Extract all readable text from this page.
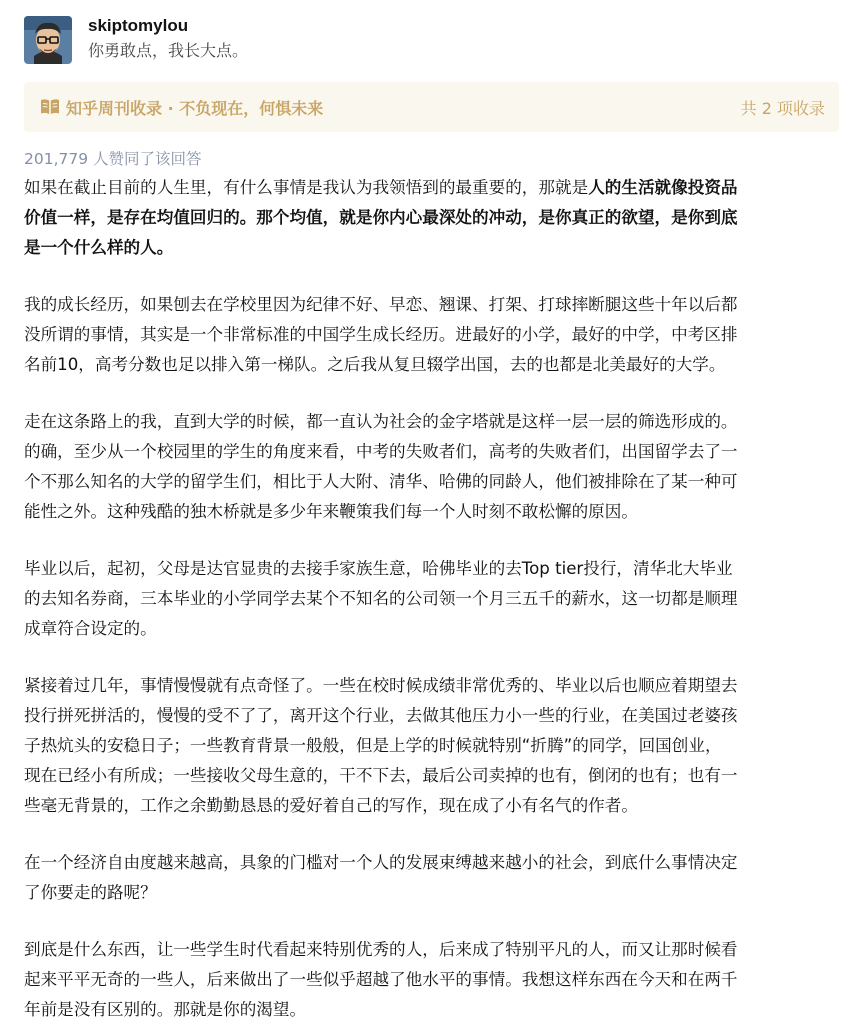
skiptomylou
你勇敢点，我长大点。
知乎周刊收录 · 不负现在，何惧未来	共 2 项收录
201,779 人赞同了该回答

如果在截止目前的人生里，有什么事情是我认为我领悟到的最重要的，那就是人的生活就像投资品
价值一样，是存在均值回归的。那个均值，就是你内心最深处的冲动，是你真正的欲望，是你到底
是一个什么样的人。

我的成长经历，如果刨去在学校里因为纪律不好、早恋、翘课、打架、打球摔断腿这些十年以后都
没所谓的事情，其实是一个非常标准的中国学生成长经历。进最好的小学，最好的中学，中考区排
名前10，高考分数也足以排入第一梯队。之后我从复旦辍学出国，去的也都是北美最好的大学。

走在这条路上的我，直到大学的时候，都一直认为社会的金字塔就是这样一层一层的筛选形成的。
的确，至少从一个校园里的学生的角度来看，中考的失败者们，高考的失败者们，出国留学去了一
个不那么知名的大学的留学生们，相比于人大附、清华、哈佛的同龄人，他们被排除在了某一种可
能性之外。这种残酷的独木桥就是多少年来鞭策我们每一个人时刻不敢松懈的原因。

毕业以后，起初，父母是达官显贵的去接手家族生意，哈佛毕业的去Top tier投行，清华北大毕业
的去知名券商，三本毕业的小学同学去某个不知名的公司领一个月三五千的薪水，这一切都是顺理
成章符合设定的。

紧接着过几年，事情慢慢就有点奇怪了。一些在校时候成绩非常优秀的、毕业以后也顺应着期望去
投行拼死拼活的，慢慢的受不了了，离开这个行业，去做其他压力小一些的行业，在美国过老婆孩
子热炕头的安稳日子；一些教育背景一般般，但是上学的时候就特别“折腾”的同学，回国创业，
现在已经小有所成；一些接收父母生意的，干不下去，最后公司卖掉的也有，倒闭的也有；也有一
些毫无背景的，工作之余勤勤恳恳的爱好着自己的写作，现在成了小有名气的作者。

在一个经济自由度越来越高，具象的门槛对一个人的发展束缚越来越小的社会，到底什么事情决定
了你要走的路呢？

到底是什么东西，让一些学生时代看起来特别优秀的人，后来成了特别平凡的人，而又让那时候看
起来平平无奇的一些人，后来做出了一些似乎超越了他水平的事情。我想这样东西在今天和在两千
年前是没有区别的。那就是你的渴望。
